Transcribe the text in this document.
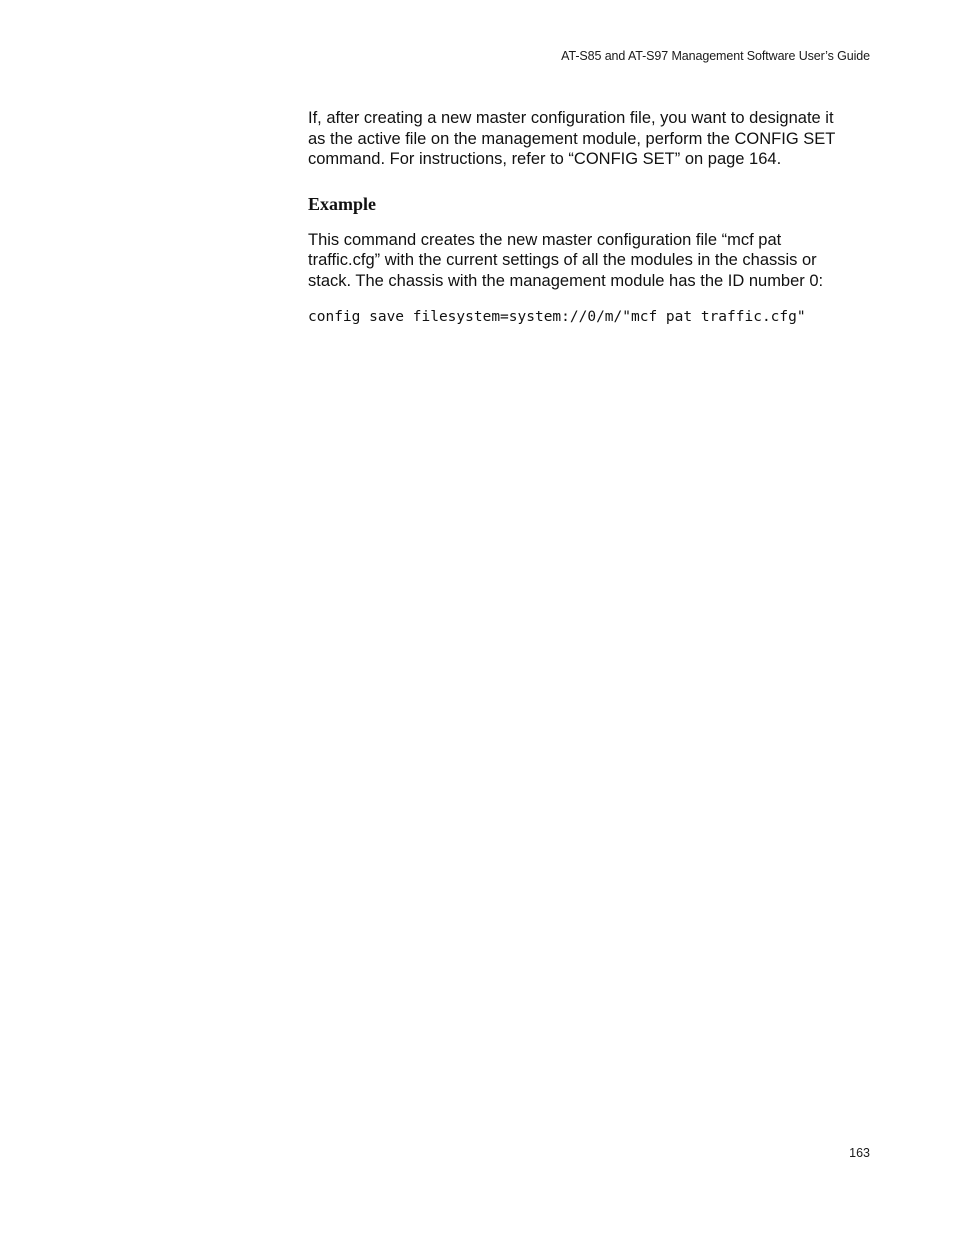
AT-S85 and AT-S97 Management Software User’s Guide

If, after creating a new master configuration file, you want to designate it
as the active file on the management module, perform the CONFIG SET
command. For instructions, refer to “CONFIG SET” on page 164.

Example

This command creates the new master configuration file “mcf pat
traffic.cfg” with the current settings of all the modules in the chassis or
stack. The chassis with the management module has the ID number 0:

config save filesystem=system://0/m/"mcf pat traffic.cfg"
163
